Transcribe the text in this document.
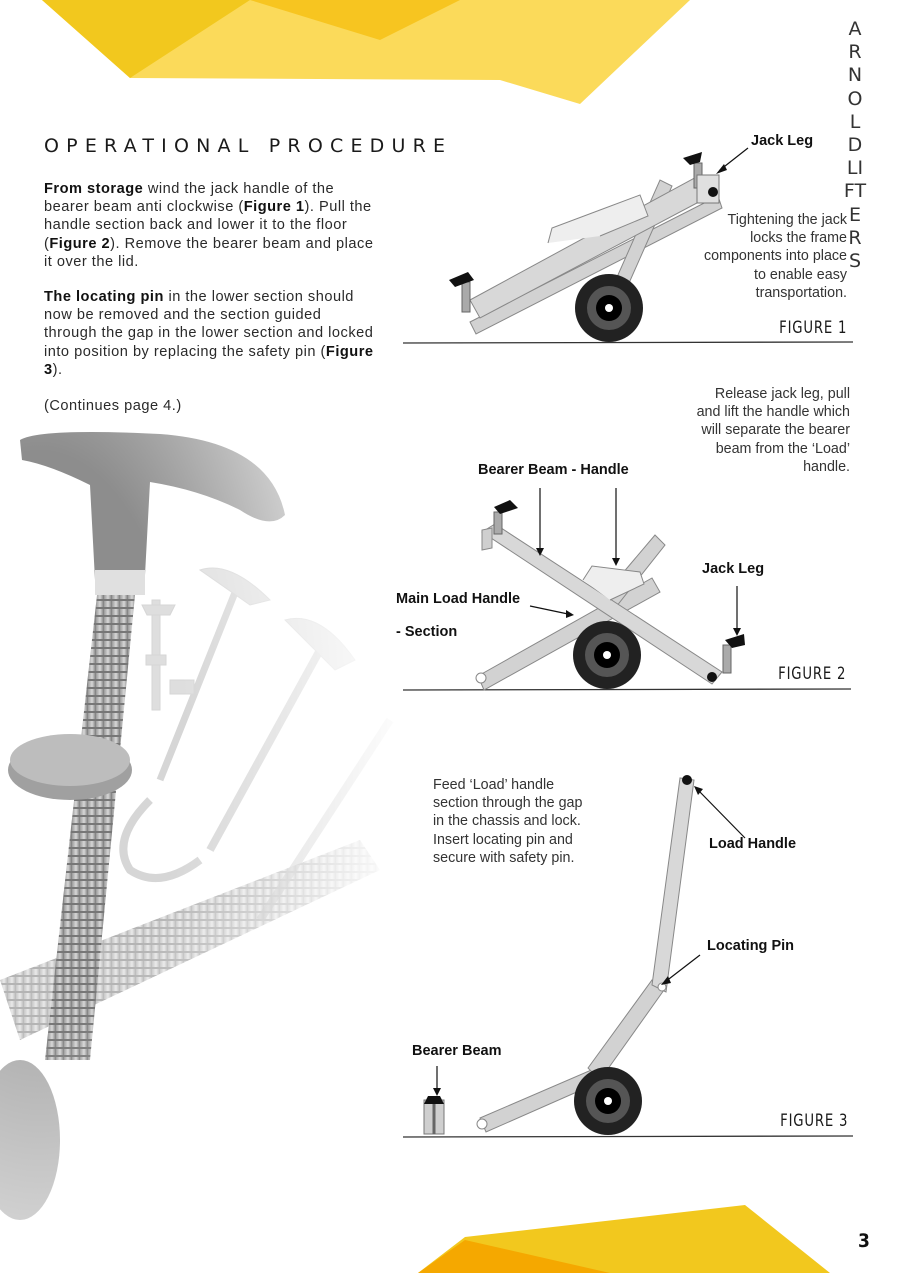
OPERATIONAL PROCEDURE

From storage wind the jack handle of the bearer beam anti clockwise (Figure 1). Pull the handle section back and lower it to the floor (Figure 2). Remove the bearer beam and place it over the lid.

The locating pin in the lower section should now be removed and the section guided through the gap in the lower section and locked into position by replacing the safety pin (Figure 3).

(Continues page 4.)

ARNOLDLIFTERS
Jack Leg
Tightening the jack
locks the frame
components into place
to enable easy
transportation.
FIGURE 1
Release jack leg, pull
and lift the handle which
will separate the bearer
beam from the ‘Load’
handle.
Bearer Beam - Handle
Jack Leg
Main Load Handle
- Section
FIGURE 2
Feed ‘Load’ handle
section through the gap
in the chassis and lock.
Insert locating pin and
secure with safety pin.
Load Handle
Locating Pin
Bearer Beam
FIGURE 3
3
